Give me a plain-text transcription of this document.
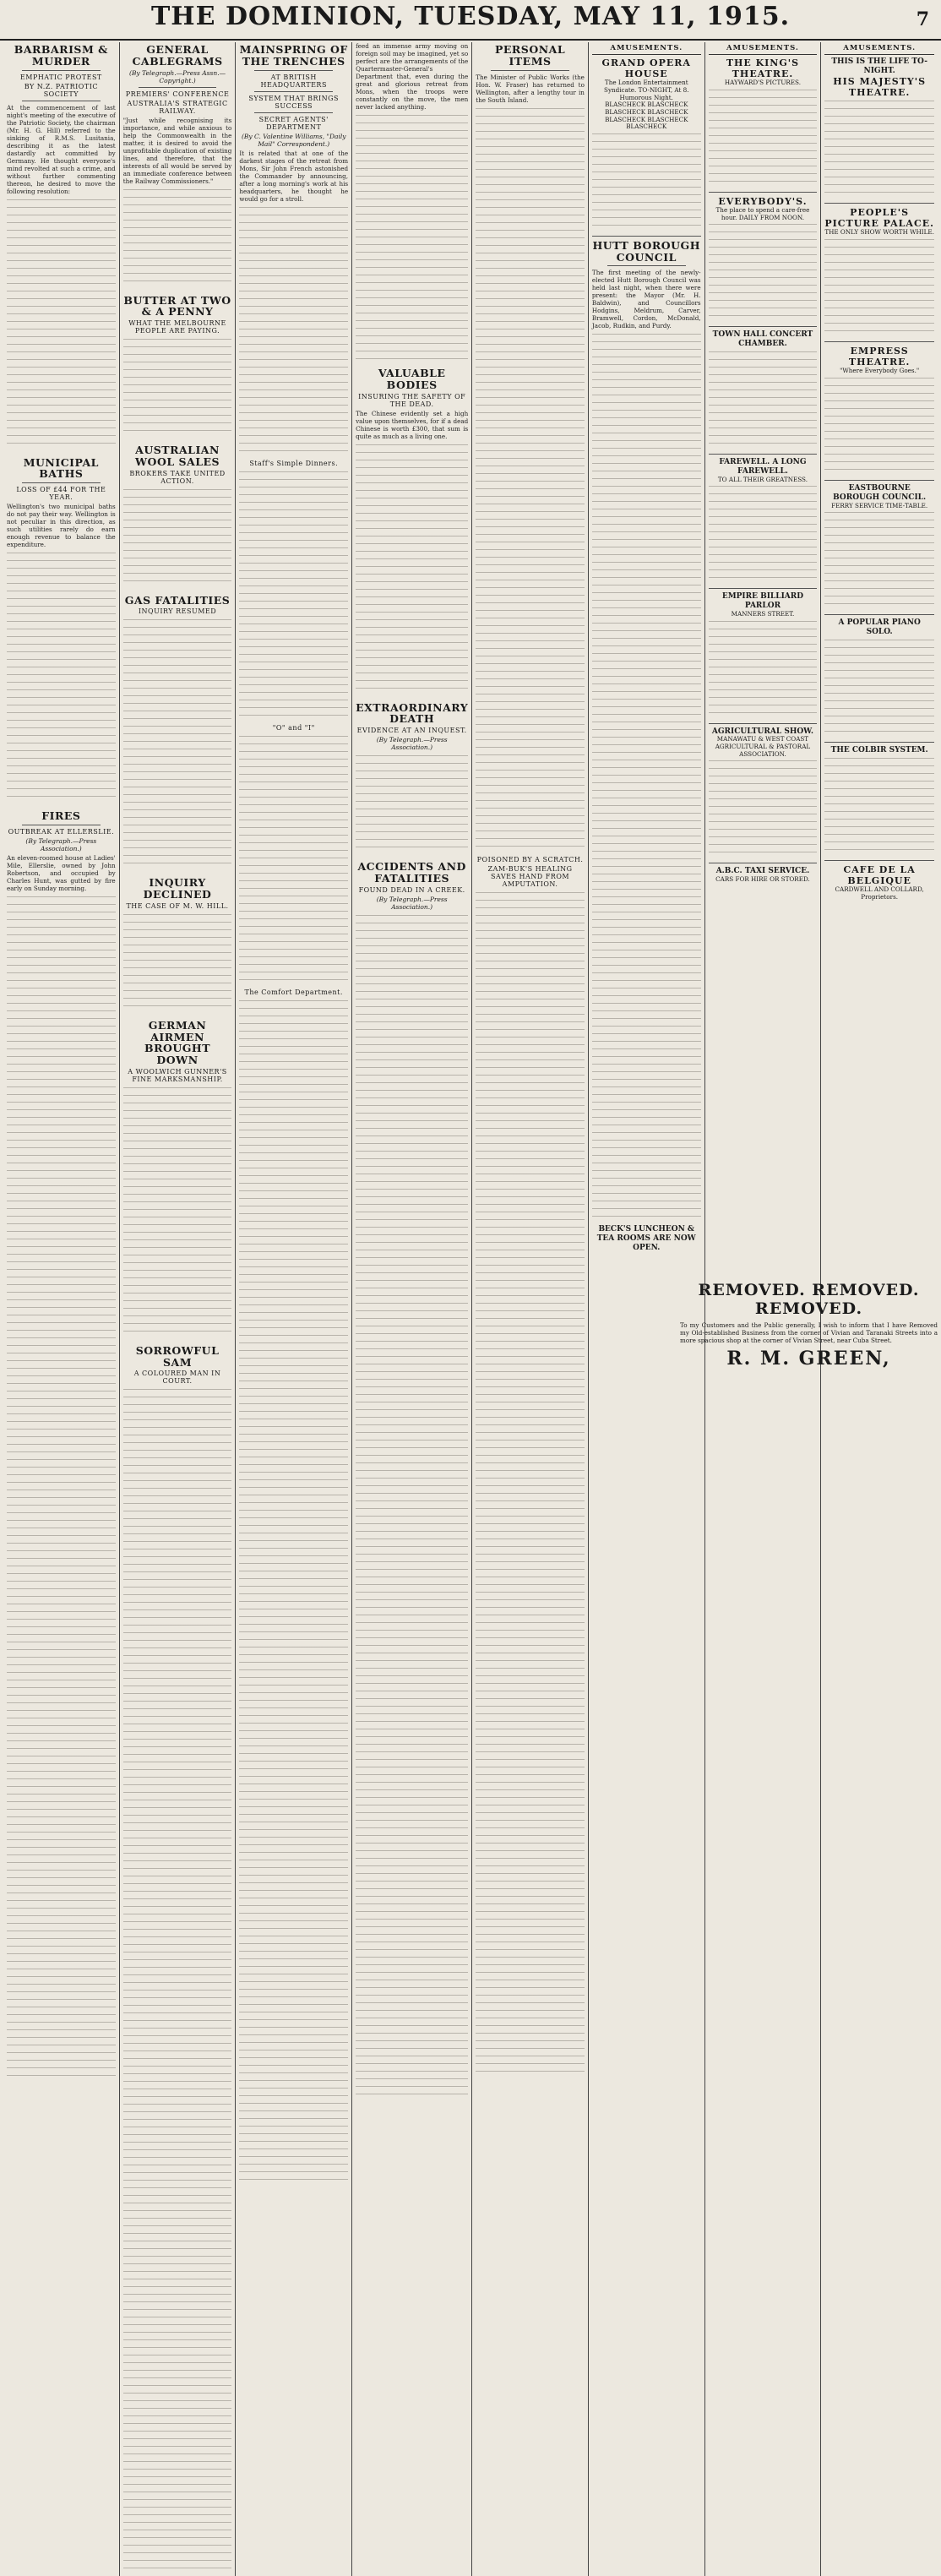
THE DOMINION, TUESDAY, MAY 11, 1915.	7
BARBARISM & MURDER
EMPHATIC PROTEST
BY N.Z. PATRIOTIC SOCIETY

At the commencement of last night's meeting of the executive of the Patriotic Society, the chairman (Mr. H. G. Hill) referred to the sinking of R.M.S. Lusitania, describing it as the latest dastardly act committed by Germany. He thought everyone's mind revolted at such a crime, and without further commenting thereon, he desired to move the following resolution:

MUNICIPAL BATHS
LOSS OF £44 FOR THE YEAR.

Wellington's two municipal baths do not pay their way. Wellington is not peculiar in this direction, as such utilities rarely do earn enough revenue to balance the expenditure.

FIRES
OUTBREAK AT ELLERSLIE.
(By Telegraph.—Press Association.)

An eleven-roomed house at Ladies' Mile, Ellerslie, owned by John Robertson, and occupied by Charles Hunt, was gutted by fire early on Sunday morning.

GENERAL CABLEGRAMS
(By Telegraph.—Press Assn.—Copyright.)
PREMIERS' CONFERENCE
AUSTRALIA'S STRATEGIC RAILWAY.

"Just while recognising its importance, and while anxious to help the Commonwealth in the matter, it is desired to avoid the unprofitable duplication of existing lines, and therefore, that the interests of all would be served by an immediate conference between the Railway Commissioners."

BUTTER AT TWO & A PENNY
WHAT THE MELBOURNE PEOPLE ARE PAYING.
AUSTRALIAN WOOL SALES
BROKERS TAKE UNITED ACTION.
GAS FATALITIES
INQUIRY RESUMED
INQUIRY DECLINED
THE CASE OF M. W. HILL.
GERMAN AIRMEN BROUGHT DOWN
A WOOLWICH GUNNER'S FINE MARKSMANSHIP.
SORROWFUL SAM
A COLOURED MAN IN COURT.
MAINSPRING OF THE TRENCHES
AT BRITISH HEADQUARTERS
SYSTEM THAT BRINGS SUCCESS
SECRET AGENTS' DEPARTMENT
(By C. Valentine Williams, "Daily Mail" Correspondent.)

It is related that at one of the darkest stages of the retreat from Mons, Sir John French astonished the Commander by announcing, after a long morning's work at his headquarters, he thought he would go for a stroll.

Staff's Simple Dinners.
"O" and "I"
The Comfort Department.

feed an immense army moving on foreign soil may be imagined, yet so perfect are the arrangements of the Quartermaster-General's Department that, even during the great and glorious retreat from Mons, when the troops were constantly on the move, the men never lacked anything.

VALUABLE BODIES
INSURING THE SAFETY OF THE DEAD.

The Chinese evidently set a high value upon themselves, for if a dead Chinese is worth £300, that sum is quite as much as a living one.

EXTRAORDINARY DEATH
EVIDENCE AT AN INQUEST.
(By Telegraph.—Press Association.)
ACCIDENTS AND FATALITIES
FOUND DEAD IN A CREEK.
(By Telegraph.—Press Association.)
PERSONAL ITEMS

The Minister of Public Works (the Hon. W. Fraser) has returned to Wellington, after a lengthy tour in the South Island.

POISONED BY A SCRATCH.
ZAM-BUK'S HEALING SAVES HAND FROM AMPUTATION.
AMUSEMENTS.
GRAND OPERA HOUSE
The London Entertainment Syndicate. TO-NIGHT, At 8. Humorous Night.
BLASCHECK BLASCHECK BLASCHECK BLASCHECK BLASCHECK BLASCHECK BLASCHECK
HUTT BOROUGH COUNCIL

The first meeting of the newly-elected Hutt Borough Council was held last night, when there were present: the Mayor (Mr. H. Baldwin), and Councillors Hodgins, Meldrum, Carver, Bramwell, Cordon, McDonald, Jacob, Rudkin, and Purdy.

BECK'S LUNCHEON & TEA ROOMS ARE NOW OPEN.
AMUSEMENTS.
THE KING'S THEATRE.
HAYWARD'S PICTURES.
EVERYBODY'S.
The place to spend a care-free hour. DAILY FROM NOON.
TOWN HALL CONCERT CHAMBER.
FAREWELL. A LONG FAREWELL.
TO ALL THEIR GREATNESS.
EMPIRE BILLIARD PARLOR
MANNERS STREET.
AGRICULTURAL SHOW.
MANAWATU & WEST COAST AGRICULTURAL & PASTORAL ASSOCIATION.
A.B.C. TAXI SERVICE.
CARS FOR HIRE OR STORED.
AMUSEMENTS.
THIS IS THE LIFE TO-NIGHT.
HIS MAJESTY'S THEATRE.
PEOPLE'S PICTURE PALACE.
THE ONLY SHOW WORTH WHILE.
EMPRESS THEATRE.
"Where Everybody Goes."
EASTBOURNE BOROUGH COUNCIL.
FERRY SERVICE TIME-TABLE.
A POPULAR PIANO SOLO.
THE COLBIR SYSTEM.
CAFE DE LA BELGIQUE
CARDWELL AND COLLARD, Proprietors.
REMOVED. REMOVED. REMOVED.
To my Customers and the Public generally, I wish to inform that I have Removed my Old-established Business from the corner of Vivian and Taranaki Streets into a more spacious shop at the corner of Vivian Street, near Cuba Street.
R. M. GREEN,
